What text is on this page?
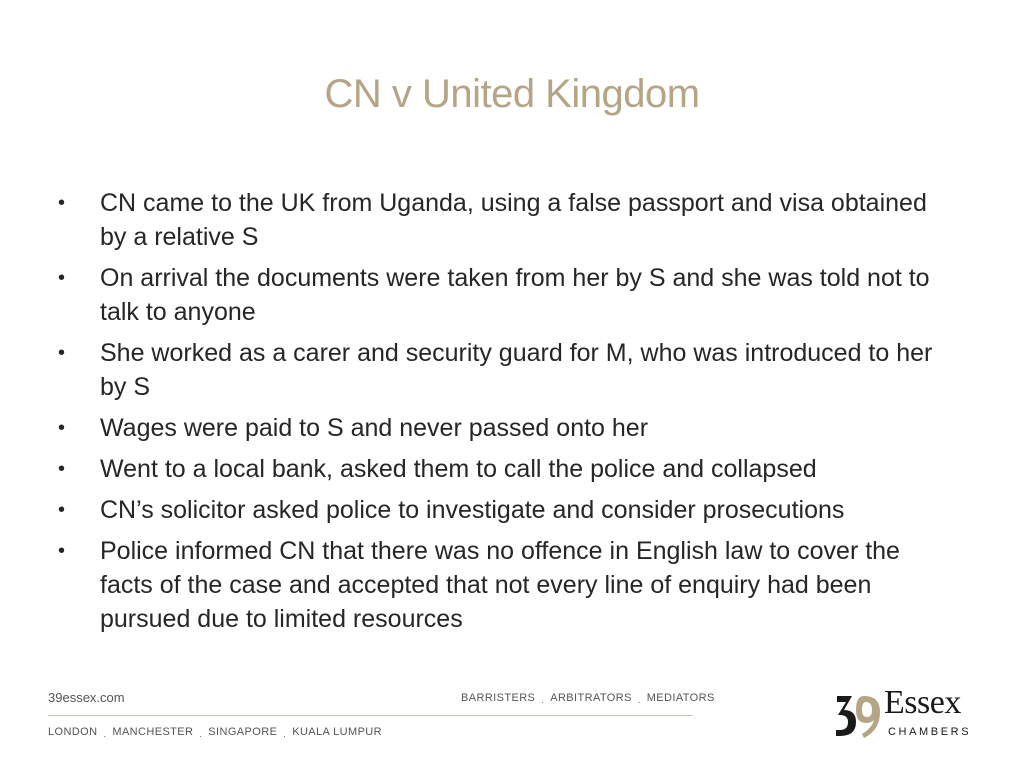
CN v United Kingdom
• CN came to the UK from Uganda, using a false passport and visa obtained by a relative S
• On arrival the documents were taken from her by S and she was told not to talk to anyone
• She worked as a carer and security guard for M, who was introduced to her by S
• Wages were paid to S and never passed onto her
• Went to a local bank, asked them to call the police and collapsed
• CN’s solicitor asked police to investigate and consider prosecutions
• Police informed CN that there was no offence in English law to cover the facts of the case and accepted that not every line of enquiry had been pursued due to limited resources
39essex.com	BARRISTERS . ARBITRATORS . MEDIATORS
LONDON . MANCHESTER . SINGAPORE . KUALA LUMPUR
Essex
CHAMBERS
